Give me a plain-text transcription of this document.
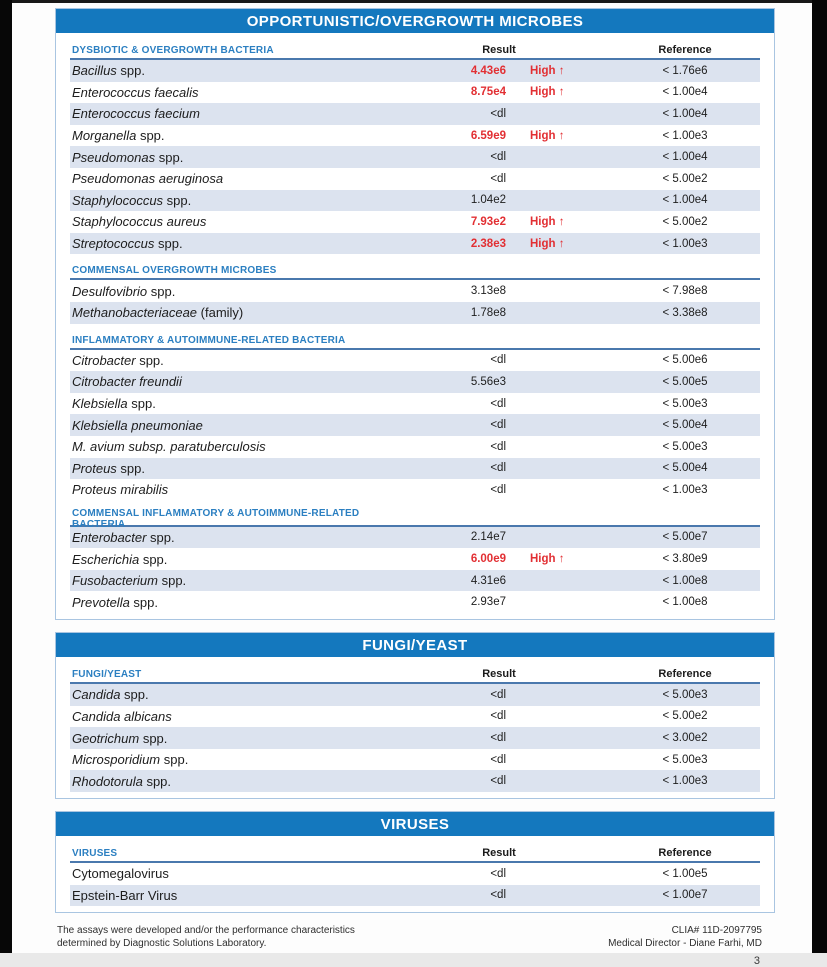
OPPORTUNISTIC/OVERGROWTH MICROBES
DYSBIOTIC & OVERGROWTH BACTERIA	Result	Reference
Bacillus spp.	4.43e6	High ↑	< 1.76e6
Enterococcus faecalis	8.75e4	High ↑	< 1.00e4
Enterococcus faecium	<dl	< 1.00e4
Morganella spp.	6.59e9	High ↑	< 1.00e3
Pseudomonas spp.	<dl	< 1.00e4
Pseudomonas aeruginosa	<dl	< 5.00e2
Staphylococcus spp.	1.04e2	< 1.00e4
Staphylococcus aureus	7.93e2	High ↑	< 5.00e2
Streptococcus spp.	2.38e3	High ↑	< 1.00e3
COMMENSAL OVERGROWTH MICROBES
Desulfovibrio spp.	3.13e8	< 7.98e8
Methanobacteriaceae (family)	1.78e8	< 3.38e8
INFLAMMATORY & AUTOIMMUNE-RELATED BACTERIA
Citrobacter spp.	<dl	< 5.00e6
Citrobacter freundii	5.56e3	< 5.00e5
Klebsiella spp.	<dl	< 5.00e3
Klebsiella pneumoniae	<dl	< 5.00e4
M. avium subsp. paratuberculosis	<dl	< 5.00e3
Proteus spp.	<dl	< 5.00e4
Proteus mirabilis	<dl	< 1.00e3
COMMENSAL INFLAMMATORY & AUTOIMMUNE-RELATED BACTERIA
Enterobacter spp.	2.14e7	< 5.00e7
Escherichia spp.	6.00e9	High ↑	< 3.80e9
Fusobacterium spp.	4.31e6	< 1.00e8
Prevotella spp.	2.93e7	< 1.00e8
FUNGI/YEAST
FUNGI/YEAST	Result	Reference
Candida spp.	<dl	< 5.00e3
Candida albicans	<dl	< 5.00e2
Geotrichum spp.	<dl	< 3.00e2
Microsporidium spp.	<dl	< 5.00e3
Rhodotorula spp.	<dl	< 1.00e3
VIRUSES
VIRUSES	Result	Reference
Cytomegalovirus	<dl	< 1.00e5
Epstein-Barr Virus	<dl	< 1.00e7
The assays were developed and/or the performance characteristics
determined by Diagnostic Solutions Laboratory.
CLIA# 11D-2097795
Medical Director - Diane Farhi, MD
3
